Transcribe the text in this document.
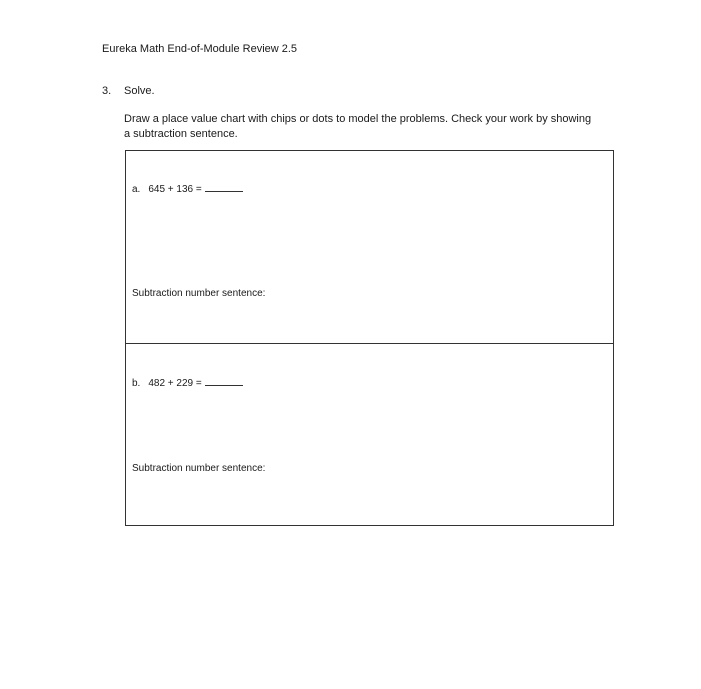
Eureka Math End-of-Module Review 2.5
3. Solve.
Draw a place value chart with chips or dots to model the problems. Check your work by showing a subtraction sentence.
a. 645 + 136 =
Subtraction number sentence:
b. 482 + 229 =
Subtraction number sentence:
